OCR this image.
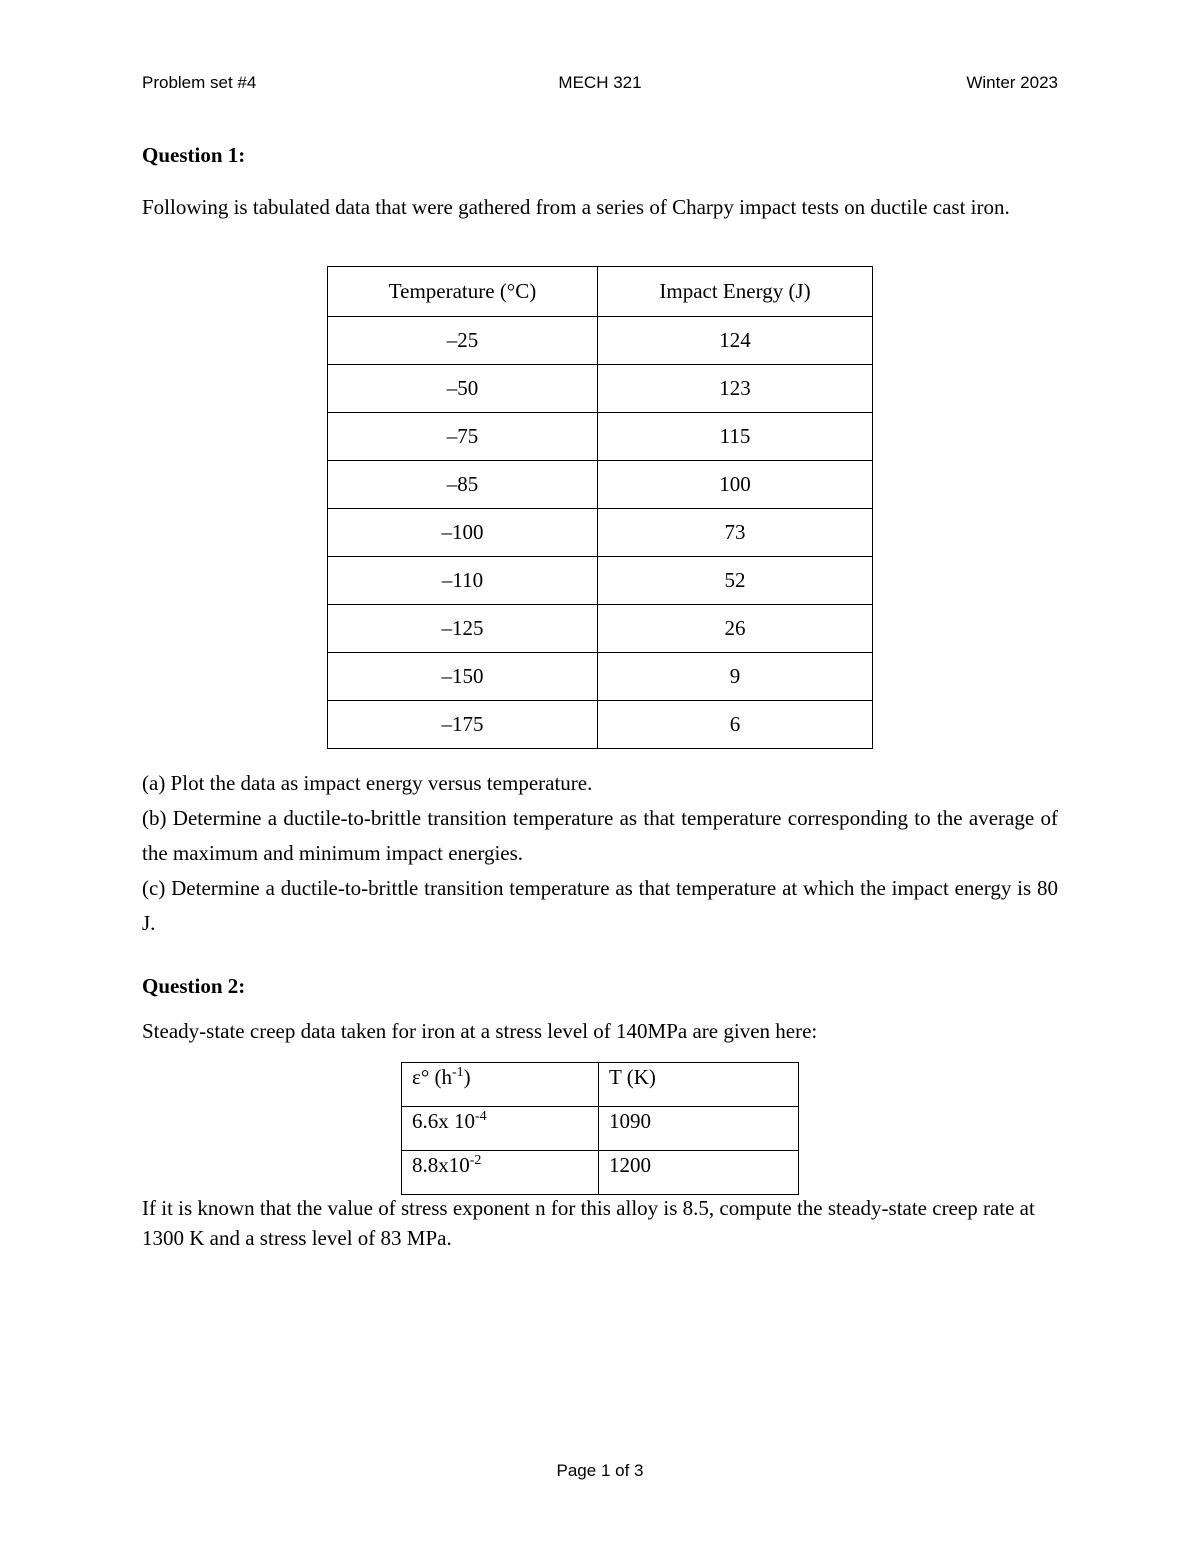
Problem set #4	MECH 321	Winter 2023
Question 1:

Following is tabulated data that were gathered from a series of Charpy impact tests on ductile cast iron.

Temperature (°C)	Impact Energy (J)
–25	124
–50	123
–75	115
–85	100
–100	73
–110	52
–125	26
–150	9
–175	6

(a) Plot the data as impact energy versus temperature.

(b) Determine a ductile-to-brittle transition temperature as that temperature corresponding to the average of the maximum and minimum impact energies.

(c) Determine a ductile-to-brittle transition temperature as that temperature at which the impact energy is 80 J.

Question 2:

Steady-state creep data taken for iron at a stress level of 140MPa are given here:

ε° $(h^{-1})$	T (K)
6.6x $10^{-4}$	1090
$8.8x10^{-2}$	1200

If it is known that the value of stress exponent n for this alloy is 8.5, compute the steady-state creep rate at 1300 K and a stress level of 83 MPa.

Page 1 of 3
